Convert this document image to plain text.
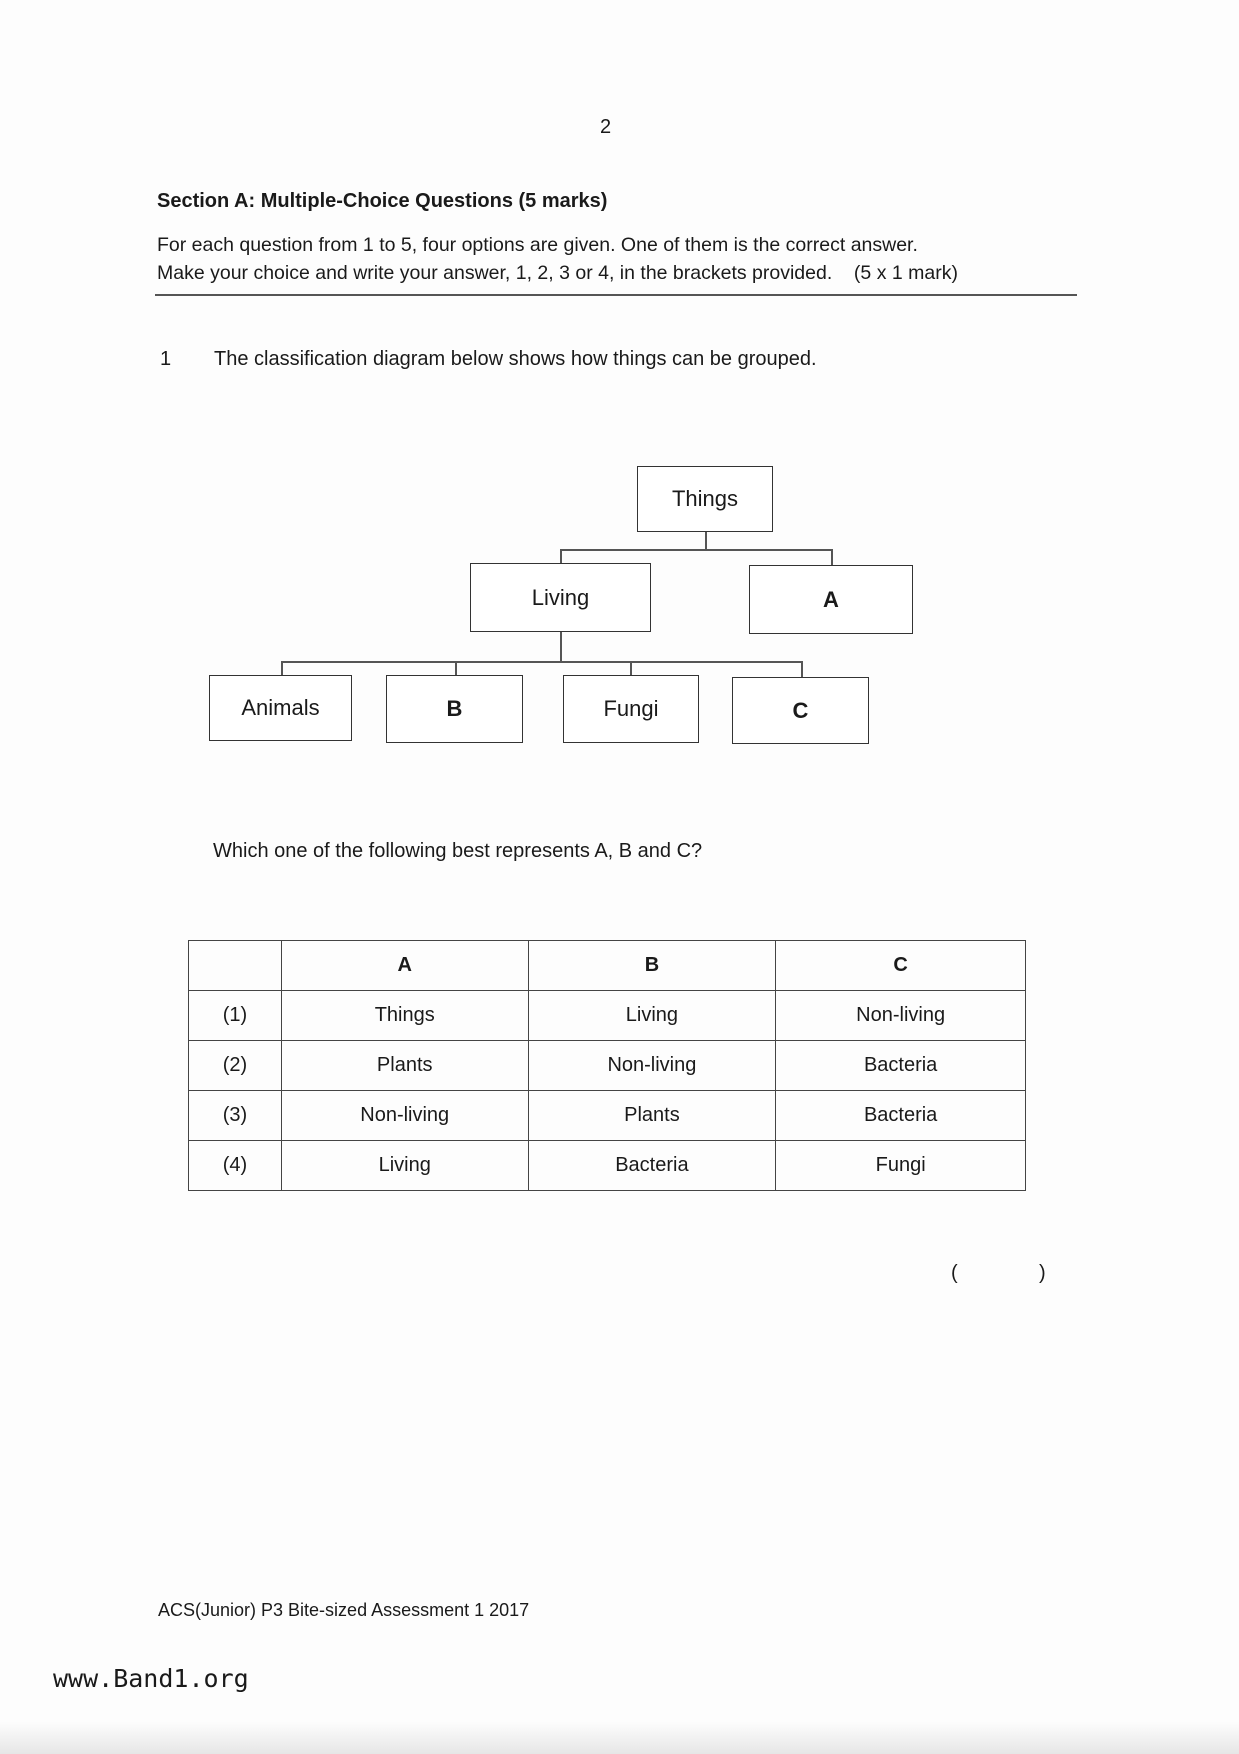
2
Section A: Multiple-Choice Questions (5 marks)
For each question from 1 to 5, four options are given. One of them is the correct answer.
Make your choice and write your answer, 1, 2, 3 or 4, in the brackets provided.    (5 x 1 mark)
1 The classification diagram below shows how things can be grouped.
Things
Living	A
Animals	B	Fungi	C
Which one of the following best represents A, B and C?
	A	B	C
(1)	Things	Living	Non-living
(2)	Plants	Non-living	Bacteria
(3)	Non-living	Plants	Bacteria
(4)	Living	Bacteria	Fungi
(	)
ACS(Junior) P3 Bite-sized Assessment 1 2017
www.Band1.org
